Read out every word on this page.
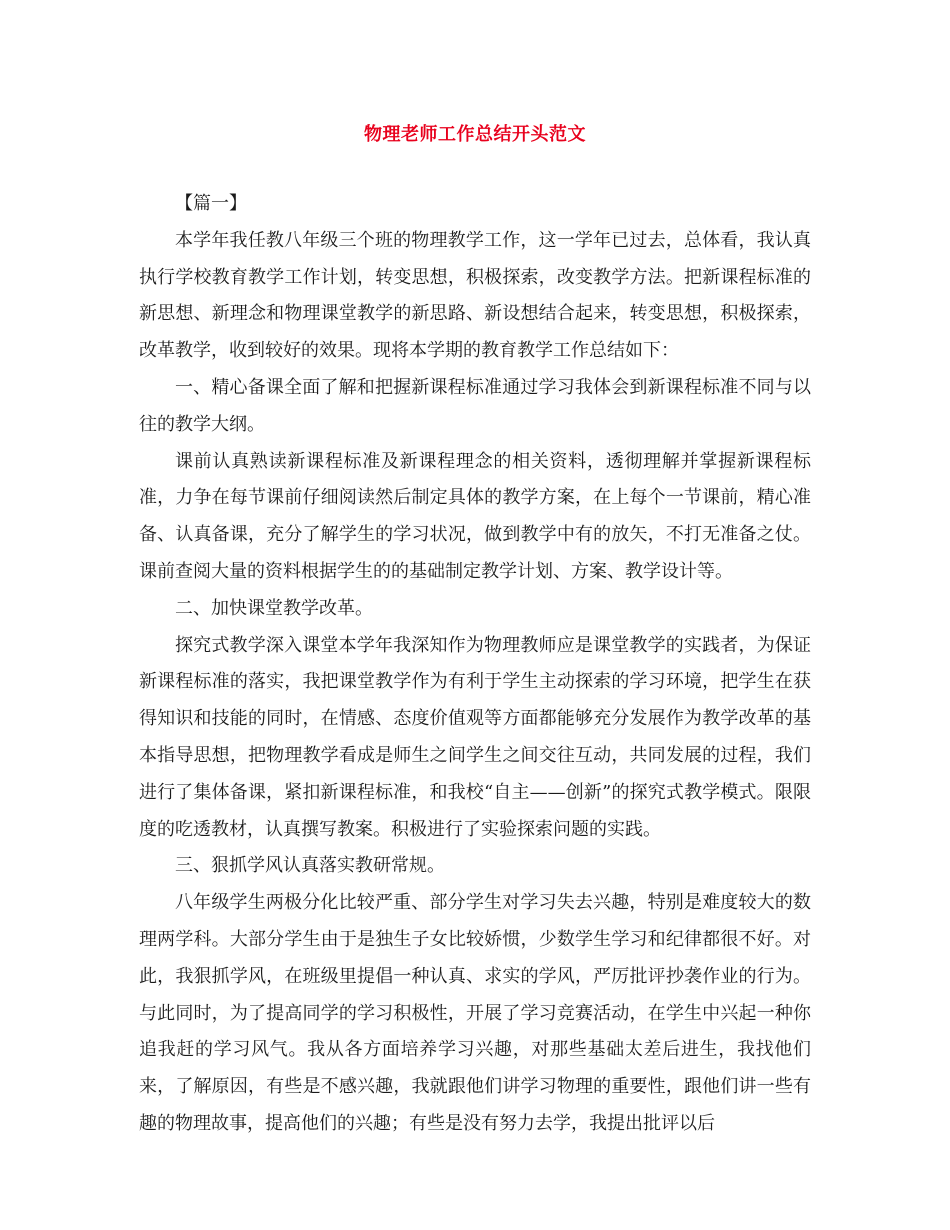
物理老师工作总结开头范文

【篇一】

本学年我任教八年级三个班的物理教学工作，这一学年已过去，总体看，我认真执行学校教育教学工作计划，转变思想，积极探索，改变教学方法。把新课程标准的新思想、新理念和物理课堂教学的新思路、新设想结合起来，转变思想，积极探索，改革教学，收到较好的效果。现将本学期的教育教学工作总结如下：

一、精心备课全面了解和把握新课程标准通过学习我体会到新课程标准不同与以往的教学大纲。

课前认真熟读新课程标准及新课程理念的相关资料，透彻理解并掌握新课程标准，力争在每节课前仔细阅读然后制定具体的教学方案，在上每个一节课前，精心准备、认真备课，充分了解学生的学习状况，做到教学中有的放矢，不打无准备之仗。课前查阅大量的资料根据学生的的基础制定教学计划、方案、教学设计等。

二、加快课堂教学改革。

探究式教学深入课堂本学年我深知作为物理教师应是课堂教学的实践者，为保证新课程标准的落实，我把课堂教学作为有利于学生主动探索的学习环境，把学生在获得知识和技能的同时，在情感、态度价值观等方面都能够充分发展作为教学改革的基本指导思想，把物理教学看成是师生之间学生之间交往互动，共同发展的过程，我们进行了集体备课，紧扣新课程标准，和我校“自主——创新”的探究式教学模式。限限度的吃透教材，认真撰写教案。积极进行了实验探索问题的实践。

三、狠抓学风认真落实教研常规。

八年级学生两极分化比较严重、部分学生对学习失去兴趣，特别是难度较大的数理两学科。大部分学生由于是独生子女比较娇惯，少数学生学习和纪律都很不好。对此，我狠抓学风，在班级里提倡一种认真、求实的学风，严厉批评抄袭作业的行为。与此同时，为了提高同学的学习积极性，开展了学习竞赛活动，在学生中兴起一种你追我赶的学习风气。我从各方面培养学习兴趣，对那些基础太差后进生，我找他们来，了解原因，有些是不感兴趣，我就跟他们讲学习物理的重要性，跟他们讲一些有趣的物理故事，提高他们的兴趣；有些是没有努力去学，我提出批评以后
